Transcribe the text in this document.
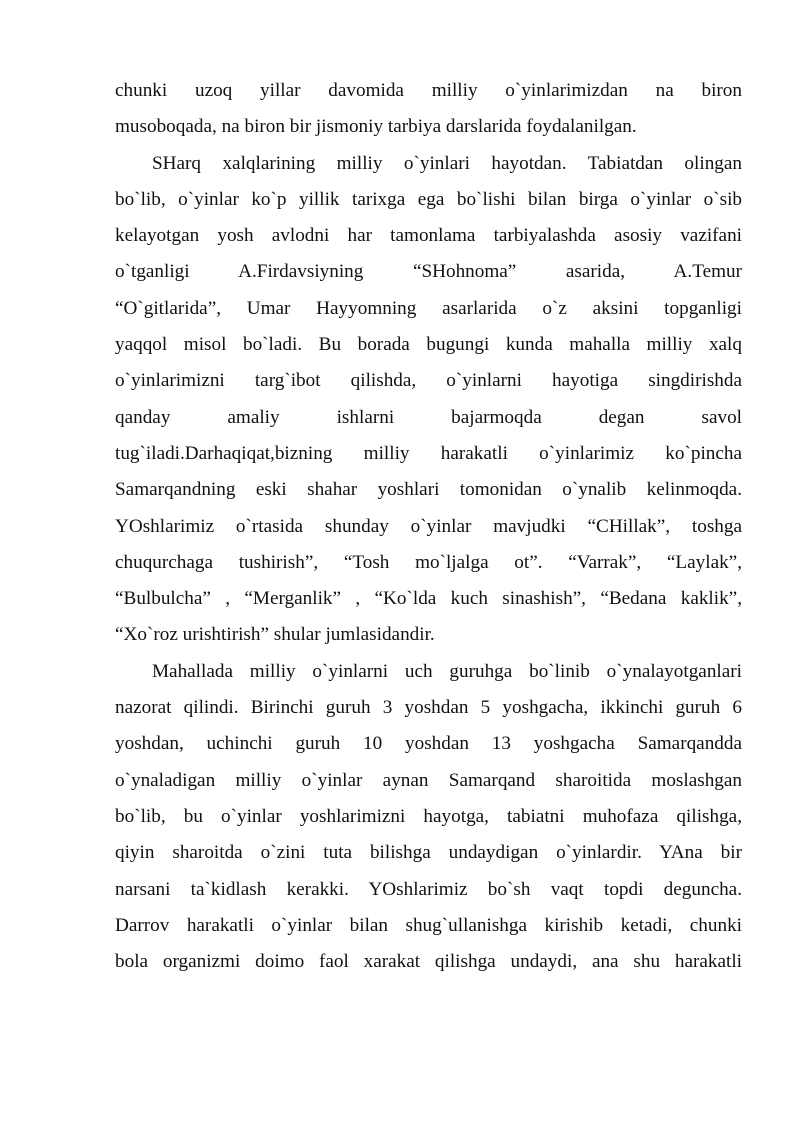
chunki uzoq yillar davomida milliy o`yinlarimizdan na biron
musoboqada, na biron bir jismoniy tarbiya darslarida foydalanilgan.
SHarq xalqlarining milliy o`yinlari hayotdan. Tabiatdan olingan
bo`lib, o`yinlar ko`p yillik tarixga ega bo`lishi bilan birga o`yinlar o`sib
kelayotgan yosh avlodni har tamonlama tarbiyalashda asosiy vazifani
o`tganligi A.Firdavsiyning “SHohnoma” asarida, A.Temur
“O`gitlarida”, Umar Hayyomning asarlarida o`z aksini topganligi
yaqqol misol bo`ladi. Bu borada bugungi kunda mahalla milliy xalq
o`yinlarimizni targ`ibot qilishda, o`yinlarni hayotiga singdirishda
qanday amaliy ishlarni bajarmoqda degan savol
tug`iladi.Darhaqiqat,bizning milliy harakatli o`yinlarimiz ko`pincha
Samarqandning eski shahar yoshlari tomonidan o`ynalib kelinmoqda.
YOshlarimiz o`rtasida shunday o`yinlar mavjudki “CHillak”, toshga
chuqurchaga tushirish”, “Tosh mo`ljalga ot”. “Varrak”, “Laylak”,
“Bulbulcha” , “Merganlik” , “Ko`lda kuch sinashish”, “Bedana kaklik”,
“Xo`roz urishtirish” shular jumlasidandir.
Mahallada milliy o`yinlarni uch guruhga bo`linib o`ynalayotganlari
nazorat qilindi. Birinchi guruh 3 yoshdan 5 yoshgacha, ikkinchi guruh 6
yoshdan, uchinchi guruh 10 yoshdan 13 yoshgacha Samarqandda
o`ynaladigan milliy o`yinlar aynan Samarqand sharoitida moslashgan
bo`lib, bu o`yinlar yoshlarimizni hayotga, tabiatni muhofaza qilishga,
qiyin sharoitda o`zini tuta bilishga undaydigan o`yinlardir. YAna bir
narsani ta`kidlash kerakki. YOshlarimiz bo`sh vaqt topdi deguncha.
Darrov harakatli o`yinlar bilan shug`ullanishga kirishib ketadi, chunki
bola organizmi doimo faol xarakat qilishga undaydi, ana shu harakatli
